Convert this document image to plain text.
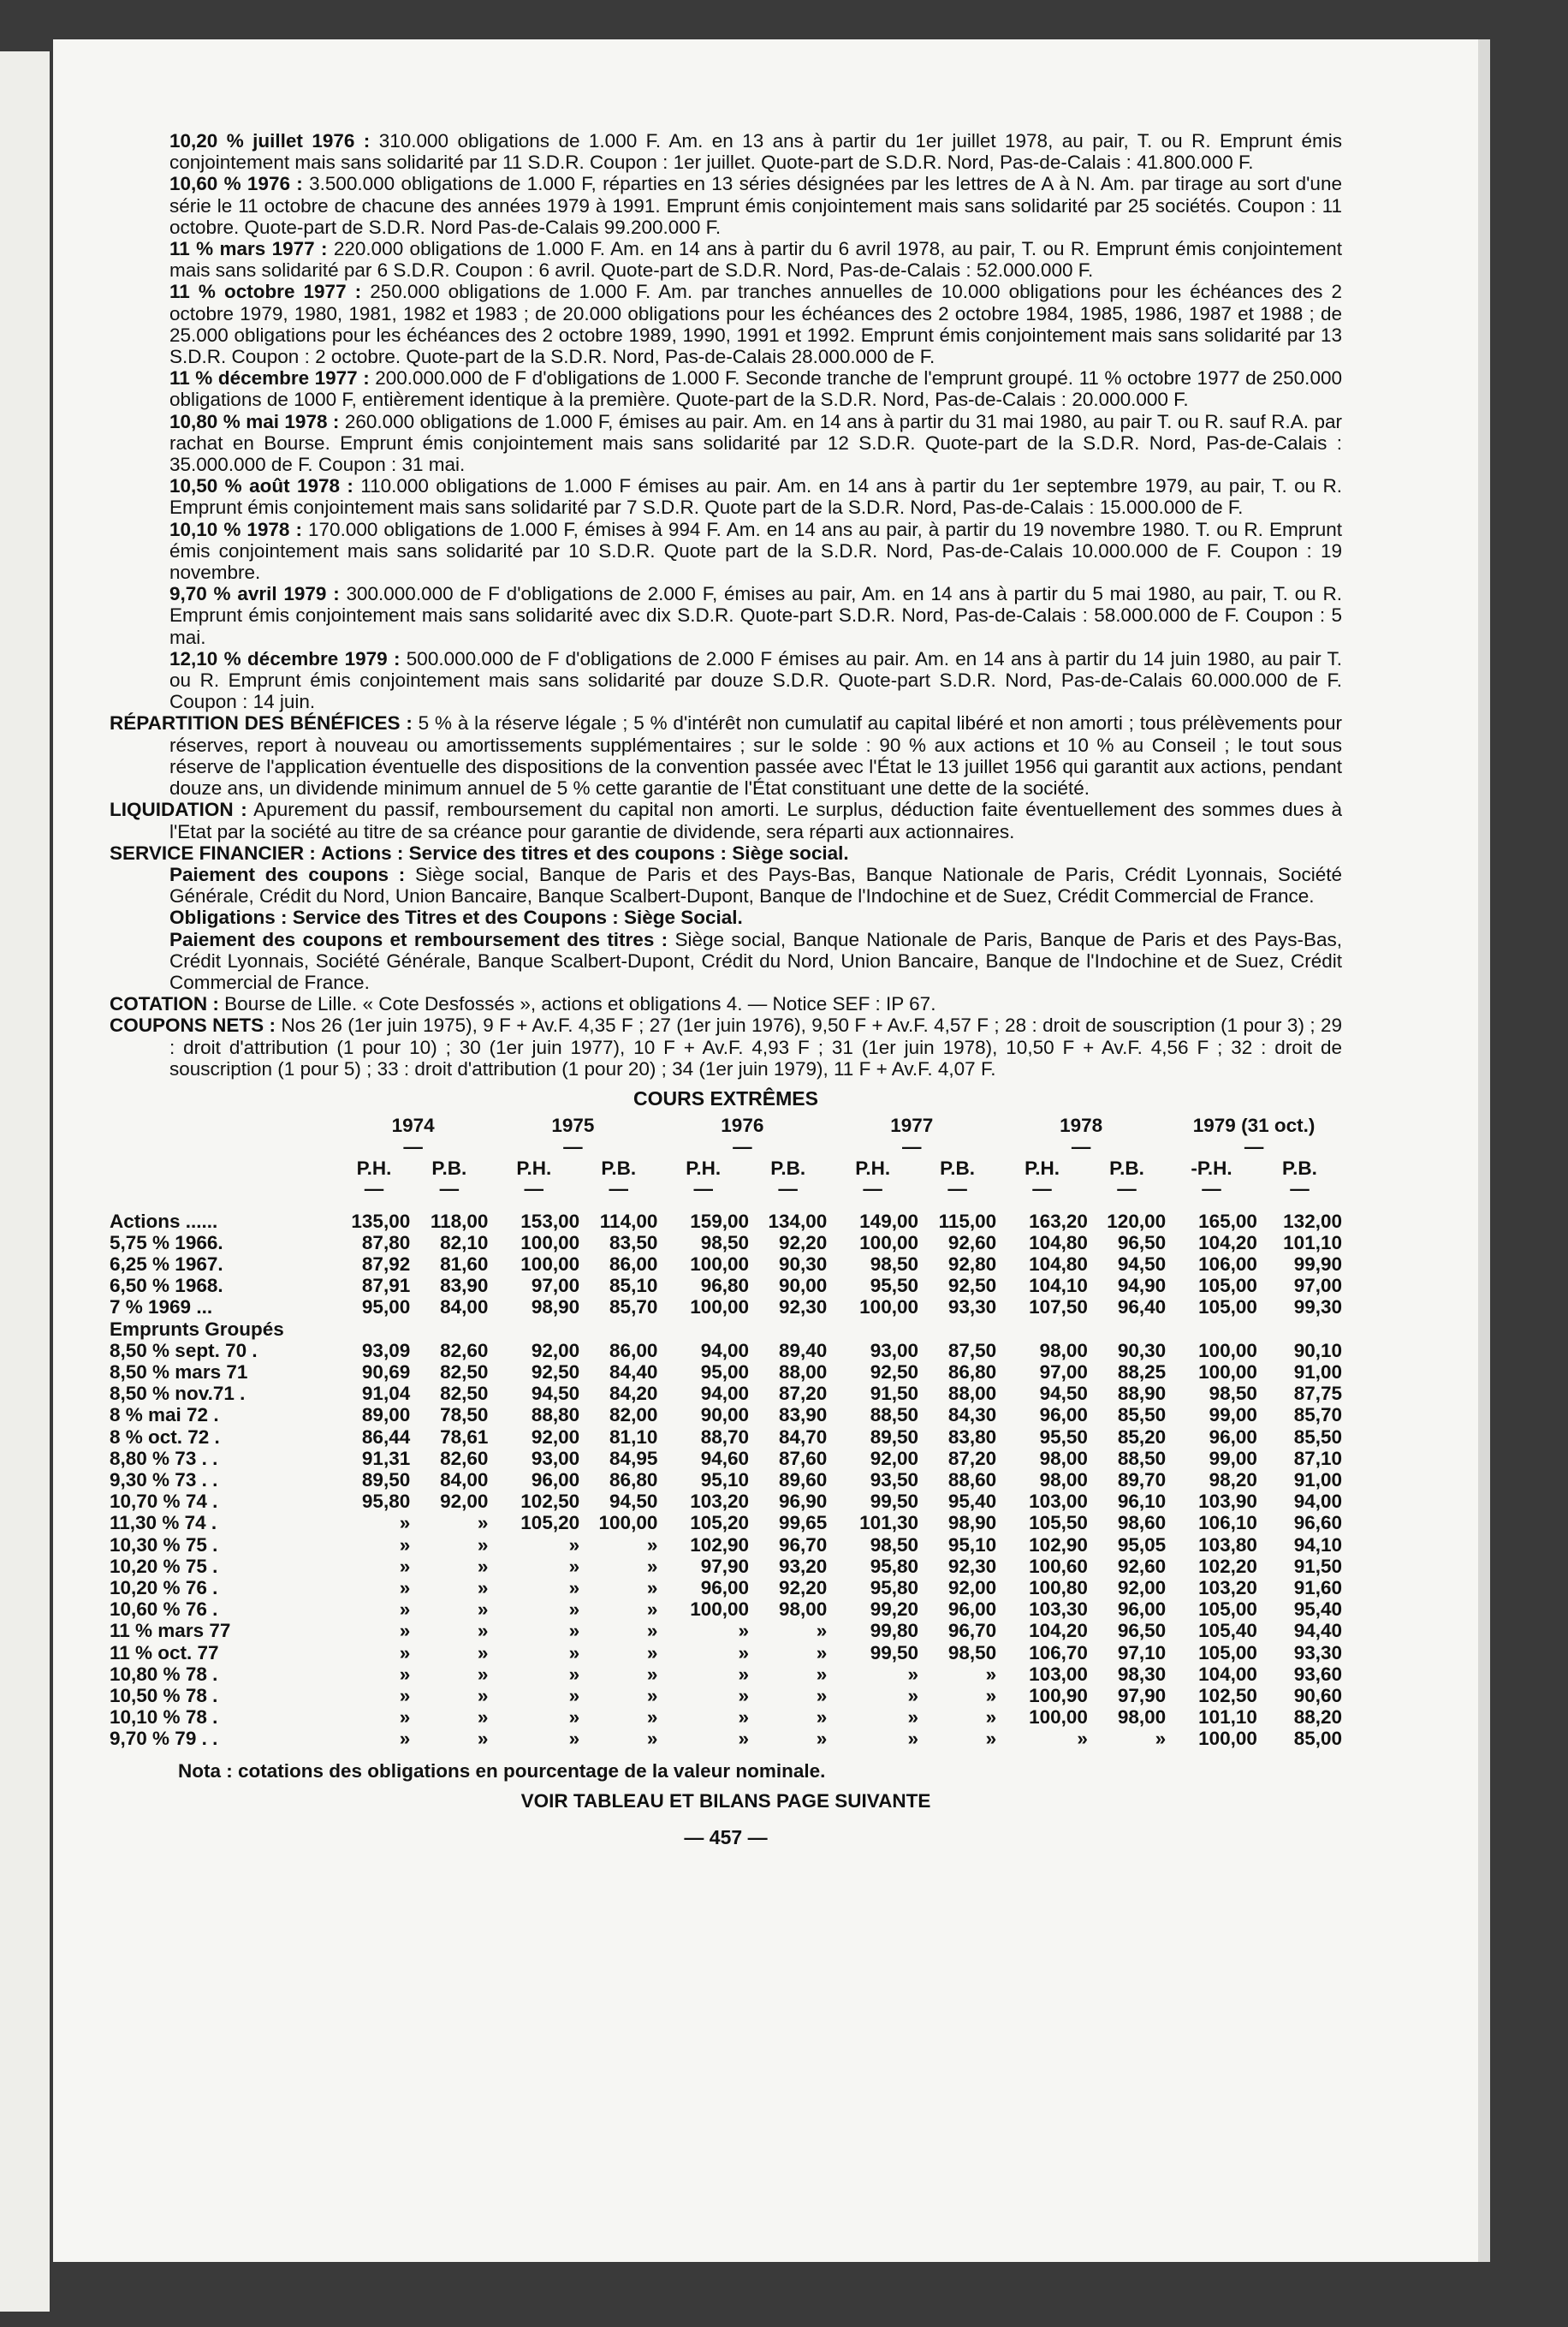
10,20 % juillet 1976 : 310.000 obligations de 1.000 F. Am. en 13 ans à partir du 1er juillet 1978, au pair, T. ou R. Emprunt émis conjointement mais sans solidarité par 11 S.D.R. Coupon : 1er juillet. Quote-part de S.D.R. Nord, Pas-de-Calais : 41.800.000 F.
10,60 % 1976 : 3.500.000 obligations de 1.000 F, réparties en 13 séries désignées par les lettres de A à N. Am. par tirage au sort d'une série le 11 octobre de chacune des années 1979 à 1991. Emprunt émis conjointement mais sans solidarité par 25 sociétés. Coupon : 11 octobre. Quote-part de S.D.R. Nord Pas-de-Calais 99.200.000 F.
11 % mars 1977 : 220.000 obligations de 1.000 F. Am. en 14 ans à partir du 6 avril 1978, au pair, T. ou R. Emprunt émis conjointement mais sans solidarité par 6 S.D.R. Coupon : 6 avril. Quote-part de S.D.R. Nord, Pas-de-Calais : 52.000.000 F.
11 % octobre 1977 : 250.000 obligations de 1.000 F. Am. par tranches annuelles de 10.000 obligations pour les échéances des 2 octobre 1979, 1980, 1981, 1982 et 1983 ; de 20.000 obligations pour les échéances des 2 octobre 1984, 1985, 1986, 1987 et 1988 ; de 25.000 obligations pour les échéances des 2 octobre 1989, 1990, 1991 et 1992. Emprunt émis conjointement mais sans solidarité par 13 S.D.R. Coupon : 2 octobre. Quote-part de la S.D.R. Nord, Pas-de-Calais 28.000.000 de F.
11 % décembre 1977 : 200.000.000 de F d'obligations de 1.000 F. Seconde tranche de l'emprunt groupé. 11 % octobre 1977 de 250.000 obligations de 1000 F, entièrement identique à la première. Quote-part de la S.D.R. Nord, Pas-de-Calais : 20.000.000 F.
10,80 % mai 1978 : 260.000 obligations de 1.000 F, émises au pair. Am. en 14 ans à partir du 31 mai 1980, au pair T. ou R. sauf R.A. par rachat en Bourse. Emprunt émis conjointement mais sans solidarité par 12 S.D.R. Quote-part de la S.D.R. Nord, Pas-de-Calais : 35.000.000 de F. Coupon : 31 mai.
10,50 % août 1978 : 110.000 obligations de 1.000 F émises au pair. Am. en 14 ans à partir du 1er septembre 1979, au pair, T. ou R. Emprunt émis conjointement mais sans solidarité par 7 S.D.R. Quote part de la S.D.R. Nord, Pas-de-Calais : 15.000.000 de F.
10,10 % 1978 : 170.000 obligations de 1.000 F, émises à 994 F. Am. en 14 ans au pair, à partir du 19 novembre 1980. T. ou R. Emprunt émis conjointement mais sans solidarité par 10 S.D.R. Quote part de la S.D.R. Nord, Pas-de-Calais 10.000.000 de F. Coupon : 19 novembre.
9,70 % avril 1979 : 300.000.000 de F d'obligations de 2.000 F, émises au pair, Am. en 14 ans à partir du 5 mai 1980, au pair, T. ou R. Emprunt émis conjointement mais sans solidarité avec dix S.D.R. Quote-part S.D.R. Nord, Pas-de-Calais : 58.000.000 de F. Coupon : 5 mai.
12,10 % décembre 1979 : 500.000.000 de F d'obligations de 2.000 F émises au pair. Am. en 14 ans à partir du 14 juin 1980, au pair T. ou R. Emprunt émis conjointement mais sans solidarité par douze S.D.R. Quote-part S.D.R. Nord, Pas-de-Calais 60.000.000 de F. Coupon : 14 juin.
RÉPARTITION DES BÉNÉFICES : 5 % à la réserve légale ; 5 % d'intérêt non cumulatif au capital libéré et non amorti ; tous prélèvements pour réserves, report à nouveau ou amortissements supplémentaires ; sur le solde : 90 % aux actions et 10 % au Conseil ; le tout sous réserve de l'application éventuelle des dispositions de la convention passée avec l'État le 13 juillet 1956 qui garantit aux actions, pendant douze ans, un dividende minimum annuel de 5 % cette garantie de l'État constituant une dette de la société.
LIQUIDATION : Apurement du passif, remboursement du capital non amorti. Le surplus, déduction faite éventuellement des sommes dues à l'Etat par la société au titre de sa créance pour garantie de dividende, sera réparti aux actionnaires.
SERVICE FINANCIER : Actions : Service des titres et des coupons : Siège social.
Paiement des coupons : Siège social, Banque de Paris et des Pays-Bas, Banque Nationale de Paris, Crédit Lyonnais, Société Générale, Crédit du Nord, Union Bancaire, Banque Scalbert-Dupont, Banque de l'Indochine et de Suez, Crédit Commercial de France.
Obligations : Service des Titres et des Coupons : Siège Social.
Paiement des coupons et remboursement des titres : Siège social, Banque Nationale de Paris, Banque de Paris et des Pays-Bas, Crédit Lyonnais, Société Générale, Banque Scalbert-Dupont, Crédit du Nord, Union Bancaire, Banque de l'Indochine et de Suez, Crédit Commercial de France.
COTATION : Bourse de Lille. « Cote Desfossés », actions et obligations 4. — Notice SEF : IP 67.
COUPONS NETS : Nos 26 (1er juin 1975), 9 F + Av.F. 4,35 F ; 27 (1er juin 1976), 9,50 F + Av.F. 4,57 F ; 28 : droit de souscription (1 pour 3) ; 29 : droit d'attribution (1 pour 10) ; 30 (1er juin 1977), 10 F + Av.F. 4,93 F ; 31 (1er juin 1978), 10,50 F + Av.F. 4,56 F ; 32 : droit de souscription (1 pour 5) ; 33 : droit d'attribution (1 pour 20) ; 34 (1er juin 1979), 11 F + Av.F. 4,07 F.
COURS EXTRÊMES
	1974		1975		1976		1977		1978		1979 (31 oct.)	
	—		—		—		—		—		—	
	P.H.	P.B.	P.H.	P.B.	P.H.	P.B.	P.H.	P.B.	P.H.	P.B.	-P.H.	P.B.
	—	—	—	—	—	—	—	—	—	—	—	—

Actions ......	135,00	118,00	153,00	114,00	159,00	134,00	149,00	115,00	163,20	120,00	165,00	132,00
5,75 % 1966.	87,80	82,10	100,00	83,50	98,50	92,20	100,00	92,60	104,80	96,50	104,20	101,10
6,25 % 1967.	87,92	81,60	100,00	86,00	100,00	90,30	98,50	92,80	104,80	94,50	106,00	99,90
6,50 % 1968.	87,91	83,90	97,00	85,10	96,80	90,00	95,50	92,50	104,10	94,90	105,00	97,00
7 % 1969 ...	95,00	84,00	98,90	85,70	100,00	92,30	100,00	93,30	107,50	96,40	105,00	99,30
Emprunts Groupés												
8,50 % sept. 70 .	93,09	82,60	92,00	86,00	94,00	89,40	93,00	87,50	98,00	90,30	100,00	90,10
8,50 % mars 71	90,69	82,50	92,50	84,40	95,00	88,00	92,50	86,80	97,00	88,25	100,00	91,00
8,50 % nov.71 .	91,04	82,50	94,50	84,20	94,00	87,20	91,50	88,00	94,50	88,90	98,50	87,75
8 % mai 72 .	89,00	78,50	88,80	82,00	90,00	83,90	88,50	84,30	96,00	85,50	99,00	85,70
8 % oct. 72 .	86,44	78,61	92,00	81,10	88,70	84,70	89,50	83,80	95,50	85,20	96,00	85,50
8,80 % 73 . .	91,31	82,60	93,00	84,95	94,60	87,60	92,00	87,20	98,00	88,50	99,00	87,10
9,30 % 73 . .	89,50	84,00	96,00	86,80	95,10	89,60	93,50	88,60	98,00	89,70	98,20	91,00
10,70 % 74 .	95,80	92,00	102,50	94,50	103,20	96,90	99,50	95,40	103,00	96,10	103,90	94,00
11,30 % 74 .	»	»	105,20	100,00	105,20	99,65	101,30	98,90	105,50	98,60	106,10	96,60
10,30 % 75 .	»	»	»	»	102,90	96,70	98,50	95,10	102,90	95,05	103,80	94,10
10,20 % 75 .	»	»	»	»	97,90	93,20	95,80	92,30	100,60	92,60	102,20	91,50
10,20 % 76 .	»	»	»	»	96,00	92,20	95,80	92,00	100,80	92,00	103,20	91,60
10,60 % 76 .	»	»	»	»	100,00	98,00	99,20	96,00	103,30	96,00	105,00	95,40
11 % mars 77	»	»	»	»	»	»	99,80	96,70	104,20	96,50	105,40	94,40
11 % oct. 77	»	»	»	»	»	»	99,50	98,50	106,70	97,10	105,00	93,30
10,80 % 78 .	»	»	»	»	»	»	»	»	103,00	98,30	104,00	93,60
10,50 % 78 .	»	»	»	»	»	»	»	»	100,90	97,90	102,50	90,60
10,10 % 78 .	»	»	»	»	»	»	»	»	100,00	98,00	101,10	88,20
9,70 % 79 . .	»	»	»	»	»	»	»	»	»	»	100,00	85,00
Nota : cotations des obligations en pourcentage de la valeur nominale.
VOIR TABLEAU ET BILANS PAGE SUIVANTE
— 457 —
